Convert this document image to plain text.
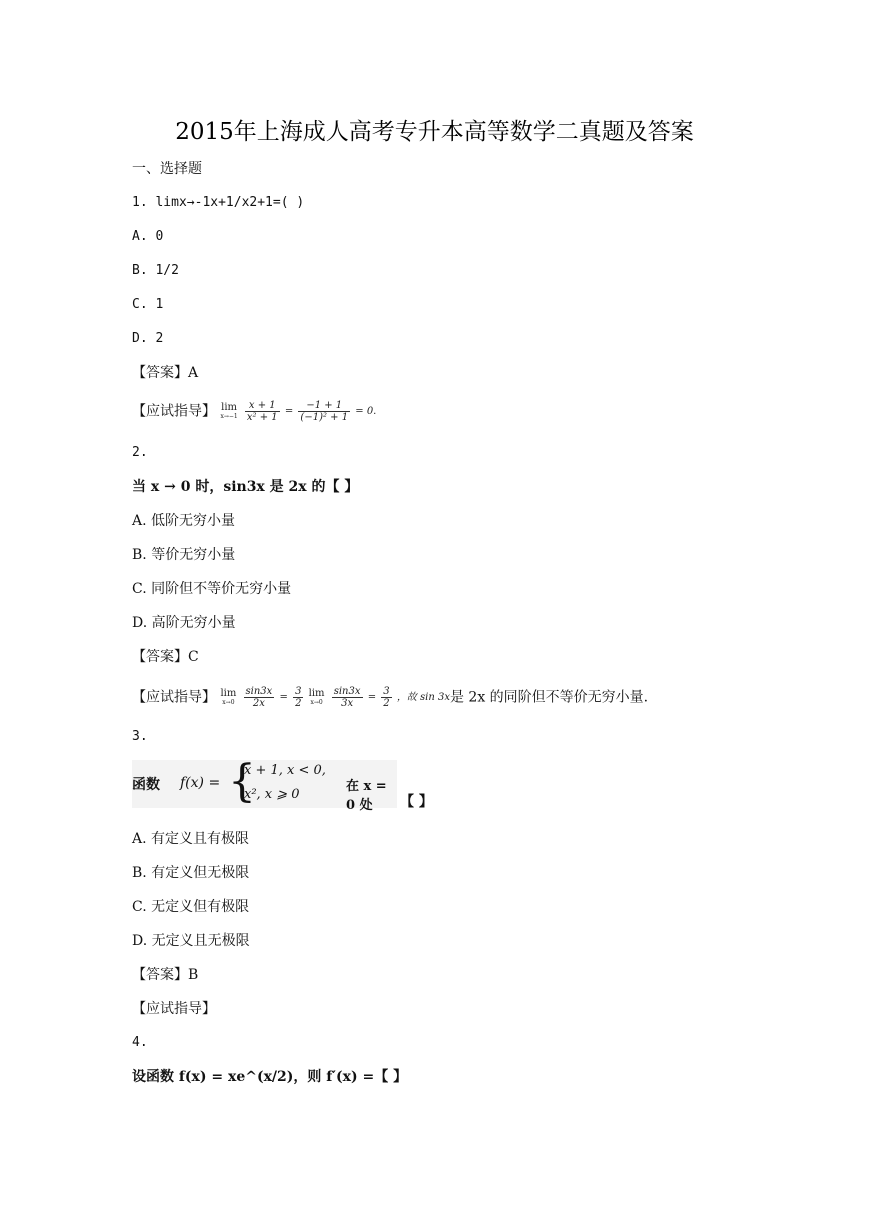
2015年上海成人高考专升本高等数学二真题及答案
一、选择题
1. limx→-1x+1/x2+1=( )
A. 0
B. 1/2
C. 1
D. 2
【答案】A
【应试指导】 lim
x→−1
$\frac{x + 1}{\text{x² + 1}} = \frac{-1 + 1}{\text{(−1)² + 1}} = 0$.
2.
当 x → 0 时，sin3x 是 2x 的【 】
A. 低阶无穷小量
B. 等价无穷小量
C. 同阶但不等价无穷小量
D. 高阶无穷小量
【答案】C
【应试指导】 lim
x→0
$\frac{\sin 3x}{2x} = \frac{3}{2}$
lim
x→0
$\frac{\sin 3x}{3x} = \frac{3}{2}$ ，故 sin 3x是 2x 的同阶但不等价无穷小量.
3.
函数 f(x) = {
x + 1, x < 0,
x², x ⩾ 0
在 x = 0 处	【 】
A. 有定义且有极限
B. 有定义但无极限
C. 无定义但有极限
D. 无定义且无极限
【答案】B
【应试指导】
4.
设函数 f(x) = xe^(x/2)，则 f′(x) =【 】
